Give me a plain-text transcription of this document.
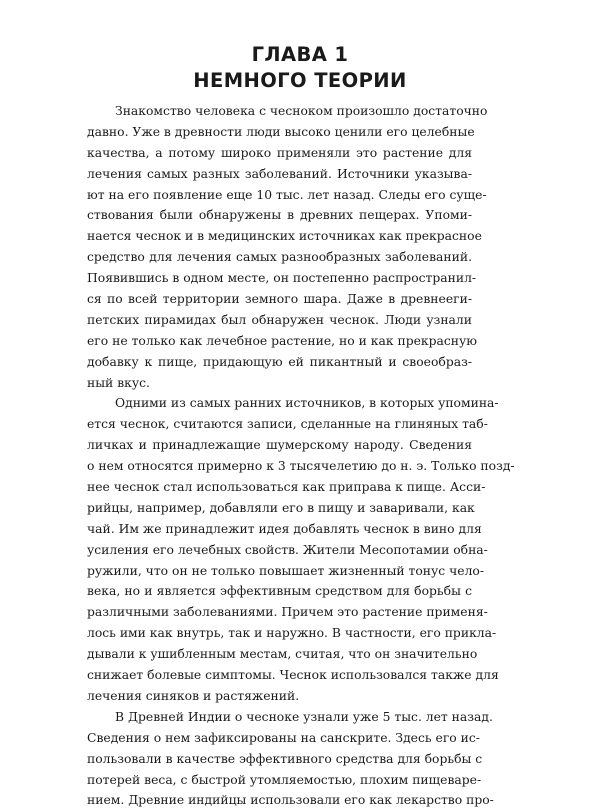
ГЛАВА 1
НЕМНОГО ТЕОРИИ
Знакомство человека с чесноком произошло достаточно
давно. Уже в древности люди высоко ценили его целебные
качества, а потому широко применяли это растение для
лечения самых разных заболеваний. Источники указыва-
ют на его появление еще 10 тыс. лет назад. Следы его суще-
ствования были обнаружены в древних пещерах. Упоми-
нается чеснок и в медицинских источниках как прекрасное
средство для лечения самых разнообразных заболеваний.
Появившись в одном месте, он постепенно распространил-
ся по всей территории земного шара. Даже в древнееги-
петских пирамидах был обнаружен чеснок. Люди узнали
его не только как лечебное растение, но и как прекрасную
добавку к пище, придающую ей пикантный и своеобраз-
ный вкус.
Одними из самых ранних источников, в которых упомина-
ется чеснок, считаются записи, сделанные на глиняных таб-
личках и принадлежащие шумерскому народу. Сведения
о нем относятся примерно к 3 тысячелетию до н. э. Только позд-
нее чеснок стал использоваться как приправа к пище. Асси-
рийцы, например, добавляли его в пищу и заваривали, как
чай. Им же принадлежит идея добавлять чеснок в вино для
усиления его лечебных свойств. Жители Месопотамии обна-
ружили, что он не только повышает жизненный тонус чело-
века, но и является эффективным средством для борьбы с
различными заболеваниями. Причем это растение применя-
лось ими как внутрь, так и наружно. В частности, его прикла-
дывали к ушибленным местам, считая, что он значительно
снижает болевые симптомы. Чеснок использовался также для
лечения синяков и растяжений.
В Древней Индии о чесноке узнали уже 5 тыс. лет назад.
Сведения о нем зафиксированы на санскрите. Здесь его ис-
пользовали в качестве эффективного средства для борьбы с
потерей веса, с быстрой утомляемостью, плохим пищеваре-
нием. Древние индийцы использовали его как лекарство про-
